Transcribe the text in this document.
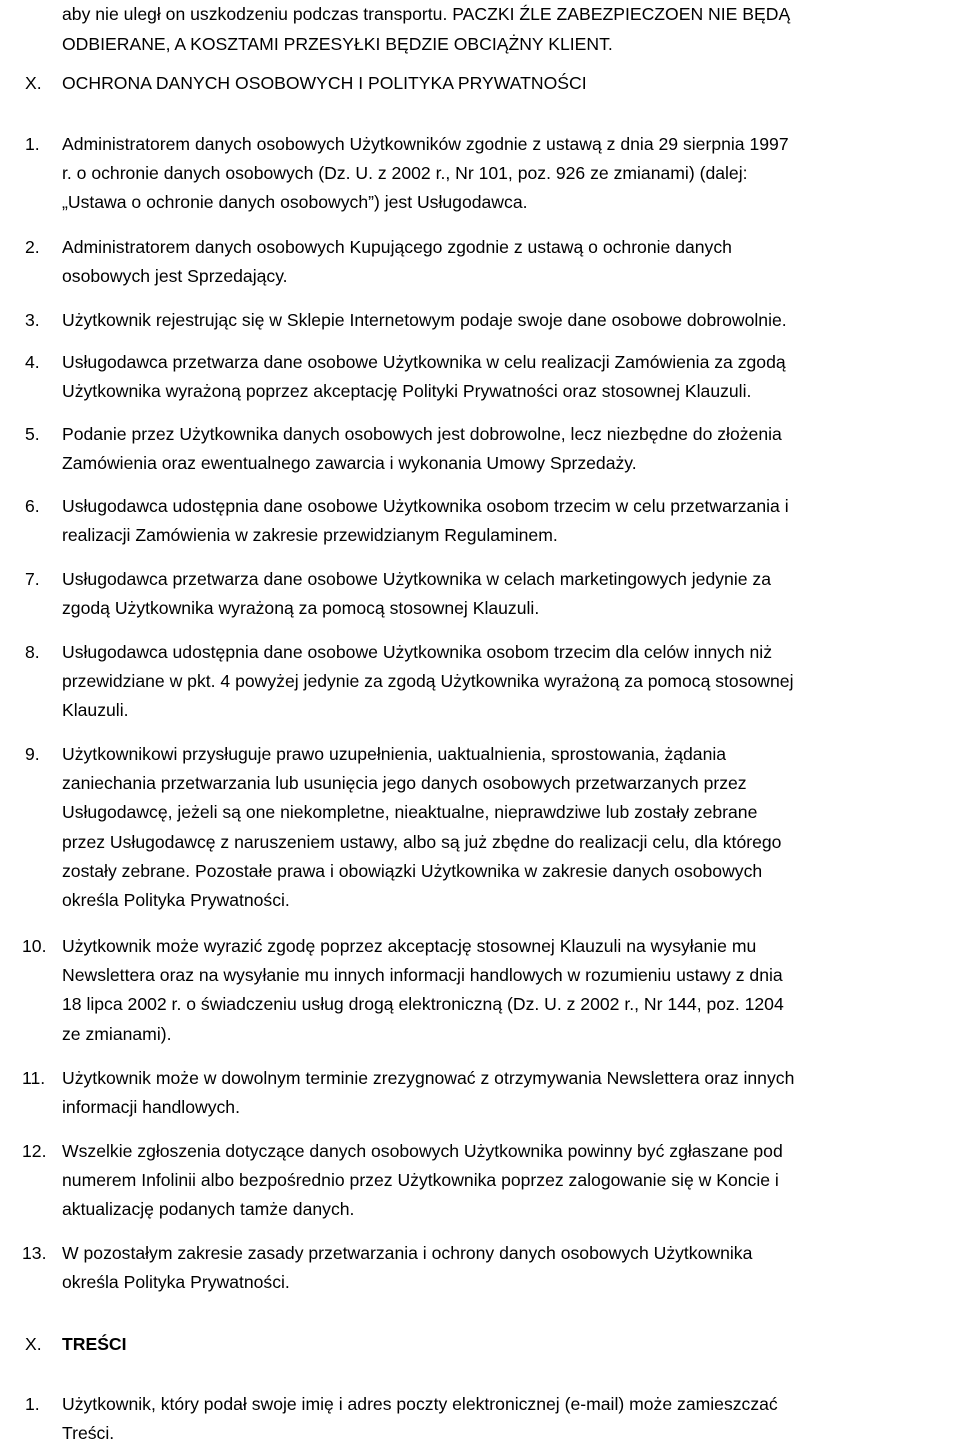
aby nie uległ on uszkodzeniu podczas transportu. PACZKI ŹLE ZABEZPIECZOEN NIE BĘDĄ
ODBIERANE, A KOSZTAMI PRZESYŁKI BĘDZIE OBCIĄŻNY KLIENT.
X. OCHRONA DANYCH OSOBOWYCH I POLITYKA PRYWATNOŚCI
1. Administratorem danych osobowych Użytkowników zgodnie z ustawą z dnia 29 sierpnia 1997
r. o ochronie danych osobowych (Dz. U. z 2002 r., Nr 101, poz. 926 ze zmianami) (dalej:
„Ustawa o ochronie danych osobowych”) jest Usługodawca.
2. Administratorem danych osobowych Kupującego zgodnie z ustawą o ochronie danych
osobowych jest Sprzedający.
3. Użytkownik rejestrując się w Sklepie Internetowym podaje swoje dane osobowe dobrowolnie.
4. Usługodawca przetwarza dane osobowe Użytkownika w celu realizacji Zamówienia za zgodą
Użytkownika wyrażoną poprzez akceptację Polityki Prywatności oraz stosownej Klauzuli.
5. Podanie przez Użytkownika danych osobowych jest dobrowolne, lecz niezbędne do złożenia
Zamówienia oraz ewentualnego zawarcia i wykonania Umowy Sprzedaży.
6. Usługodawca udostępnia dane osobowe Użytkownika osobom trzecim w celu przetwarzania i
realizacji Zamówienia w zakresie przewidzianym Regulaminem.
7. Usługodawca przetwarza dane osobowe Użytkownika w celach marketingowych jedynie za
zgodą Użytkownika wyrażoną za pomocą stosownej Klauzuli.
8. Usługodawca udostępnia dane osobowe Użytkownika osobom trzecim dla celów innych niż
przewidziane w pkt. 4 powyżej jedynie za zgodą Użytkownika wyrażoną za pomocą stosownej
Klauzuli.
9. Użytkownikowi przysługuje prawo uzupełnienia, uaktualnienia, sprostowania, żądania
zaniechania przetwarzania lub usunięcia jego danych osobowych przetwarzanych przez
Usługodawcę, jeżeli są one niekompletne, nieaktualne, nieprawdziwe lub zostały zebrane
przez Usługodawcę z naruszeniem ustawy, albo są już zbędne do realizacji celu, dla którego
zostały zebrane. Pozostałe prawa i obowiązki Użytkownika w zakresie danych osobowych
określa Polityka Prywatności.
10. Użytkownik może wyrazić zgodę poprzez akceptację stosownej Klauzuli na wysyłanie mu
Newslettera oraz na wysyłanie mu innych informacji handlowych w rozumieniu ustawy z dnia
18 lipca 2002 r. o świadczeniu usług drogą elektroniczną (Dz. U. z 2002 r., Nr 144, poz. 1204
ze zmianami).
11. Użytkownik może w dowolnym terminie zrezygnować z otrzymywania Newslettera oraz innych
informacji handlowych.
12. Wszelkie zgłoszenia dotyczące danych osobowych Użytkownika powinny być zgłaszane pod
numerem Infolinii albo bezpośrednio przez Użytkownika poprzez zalogowanie się w Koncie i
aktualizację podanych tamże danych.
13. W pozostałym zakresie zasady przetwarzania i ochrony danych osobowych Użytkownika
określa Polityka Prywatności.
X. TREŚCI
1. Użytkownik, który podał swoje imię i adres poczty elektronicznej (e-mail) może zamieszczać
Treści.
